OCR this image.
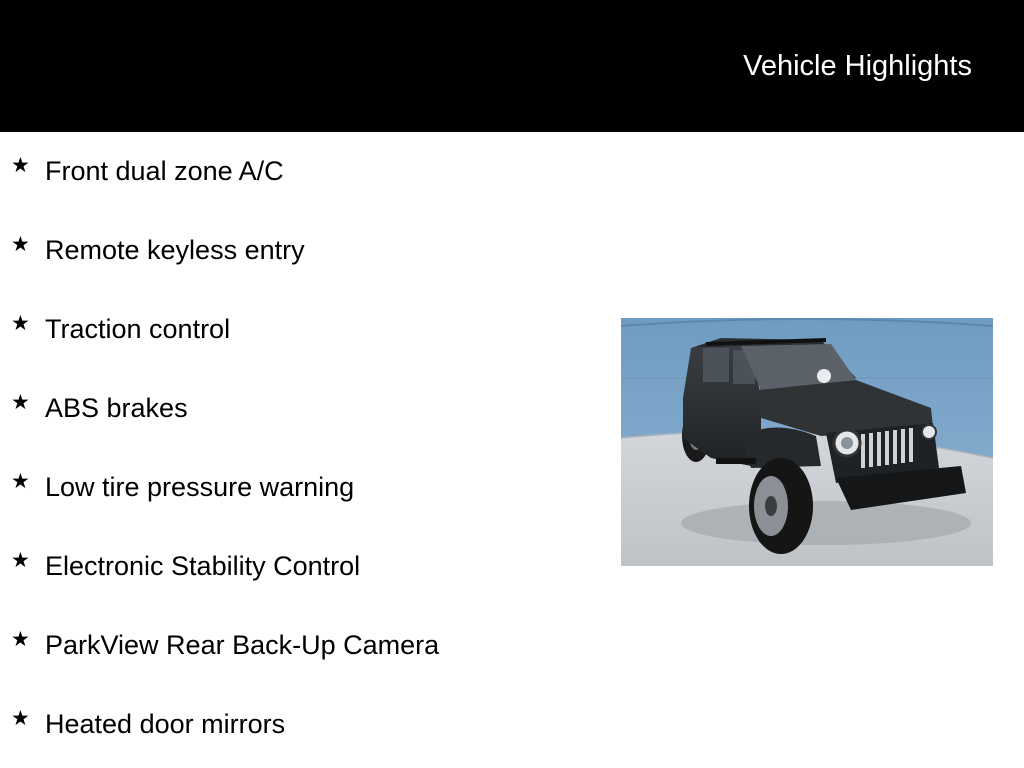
Vehicle Highlights
★ Front dual zone A/C
★ Remote keyless entry
★ Traction control
★ ABS brakes
★ Low tire pressure warning
★ Electronic Stability Control
★ ParkView Rear Back-Up Camera
★ Heated door mirrors
